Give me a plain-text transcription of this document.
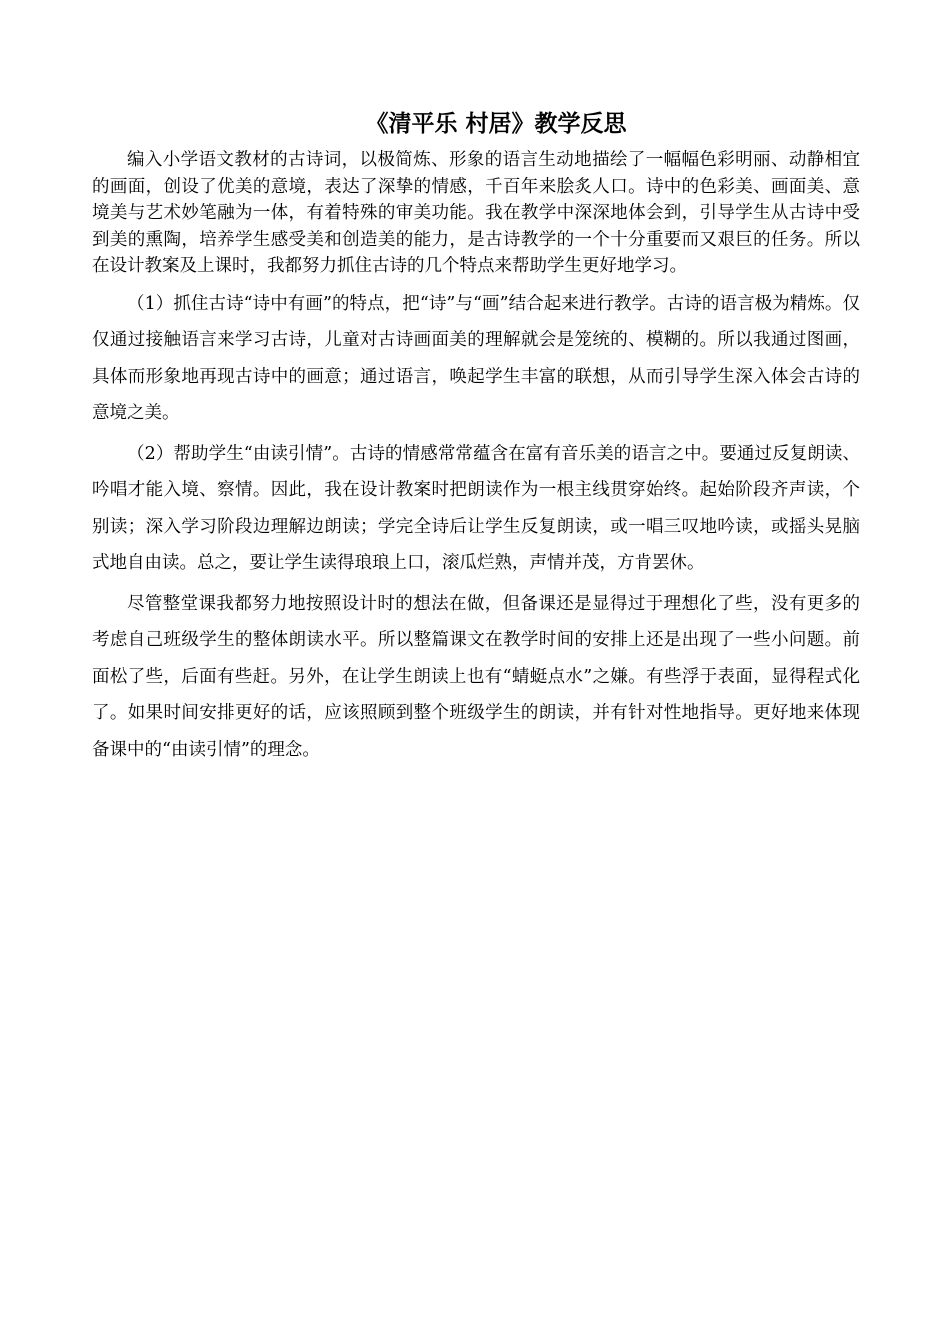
《清平乐 村居》教学反思

编入小学语文教材的古诗词，以极简炼、形象的语言生动地描绘了一幅幅色彩明丽、动静相宜的画面，创设了优美的意境，表达了深挚的情感，千百年来脍炙人口。诗中的色彩美、画面美、意境美与艺术妙笔融为一体，有着特殊的审美功能。我在教学中深深地体会到，引导学生从古诗中受到美的熏陶，培养学生感受美和创造美的能力，是古诗教学的一个十分重要而又艰巨的任务。所以在设计教案及上课时，我都努力抓住古诗的几个特点来帮助学生更好地学习。

（1）抓住古诗“诗中有画”的特点，把“诗”与“画”结合起来进行教学。古诗的语言极为精炼。仅仅通过接触语言来学习古诗，儿童对古诗画面美的理解就会是笼统的、模糊的。所以我通过图画，具体而形象地再现古诗中的画意；通过语言，唤起学生丰富的联想，从而引导学生深入体会古诗的意境之美。

（2）帮助学生“由读引情”。古诗的情感常常蕴含在富有音乐美的语言之中。要通过反复朗读、吟唱才能入境、察情。因此，我在设计教案时把朗读作为一根主线贯穿始终。起始阶段齐声读，个别读；深入学习阶段边理解边朗读；学完全诗后让学生反复朗读，或一唱三叹地吟读，或摇头晃脑式地自由读。总之，要让学生读得琅琅上口，滚瓜烂熟，声情并茂，方肯罢休。

尽管整堂课我都努力地按照设计时的想法在做，但备课还是显得过于理想化了些，没有更多的考虑自己班级学生的整体朗读水平。所以整篇课文在教学时间的安排上还是出现了一些小问题。前面松了些，后面有些赶。另外，在让学生朗读上也有“蜻蜓点水”之嫌。有些浮于表面，显得程式化了。如果时间安排更好的话，应该照顾到整个班级学生的朗读，并有针对性地指导。更好地来体现备课中的“由读引情”的理念。
